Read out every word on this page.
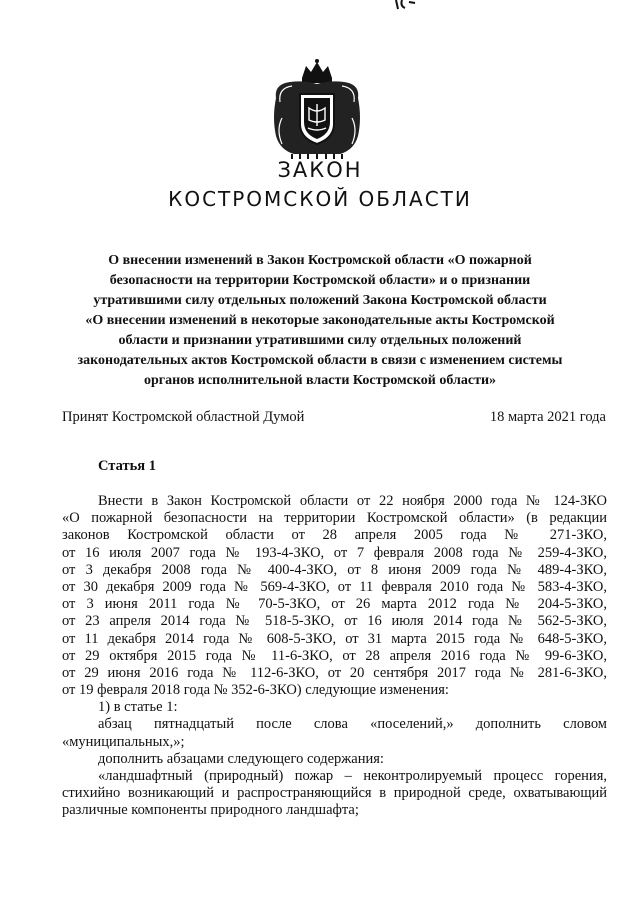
ЗАКОН
КОСТРОМСКОЙ ОБЛАСТИ
О внесении изменений в Закон Костромской области «О пожарной
безопасности на территории Костромской области» и о признании
утратившими силу отдельных положений Закона Костромской области
«О внесении изменений в некоторые законодательные акты Костромской
области и признании утратившими силу отдельных положений
законодательных актов Костромской области в связи с изменением системы
органов исполнительной власти Костромской области»
Принят Костромской областной Думой	18 марта 2021 года
Статья 1
Внести в Закон Костромской области от 22 ноября 2000 года № 124-ЗКО
«О пожарной безопасности на территории Костромской области» (в редакции
законов Костромской области от 28 апреля 2005 года № 271-ЗКО,
от 16 июля 2007 года № 193-4-ЗКО, от 7 февраля 2008 года № 259-4-ЗКО,
от 3 декабря 2008 года № 400-4-ЗКО, от 8 июня 2009 года № 489-4-ЗКО,
от 30 декабря 2009 года № 569-4-ЗКО, от 11 февраля 2010 года № 583-4-ЗКО,
от 3 июня 2011 года № 70-5-ЗКО, от 26 марта 2012 года № 204-5-ЗКО,
от 23 апреля 2014 года № 518-5-ЗКО, от 16 июля 2014 года № 562-5-ЗКО,
от 11 декабря 2014 года № 608-5-ЗКО, от 31 марта 2015 года № 648-5-ЗКО,
от 29 октября 2015 года № 11-6-ЗКО, от 28 апреля 2016 года № 99-6-ЗКО,
от 29 июня 2016 года № 112-6-ЗКО, от 20 сентября 2017 года № 281-6-ЗКО,
от 19 февраля 2018 года № 352-6-ЗКО) следующие изменения:
1) в статье 1:
абзац пятнадцатый после слова «поселений,» дополнить словом
«муниципальных,»;
дополнить абзацами следующего содержания:
«ландшафтный (природный) пожар – неконтролируемый процесс горения,
стихийно возникающий и распространяющийся в природной среде, охватывающий
различные компоненты природного ландшафта;
